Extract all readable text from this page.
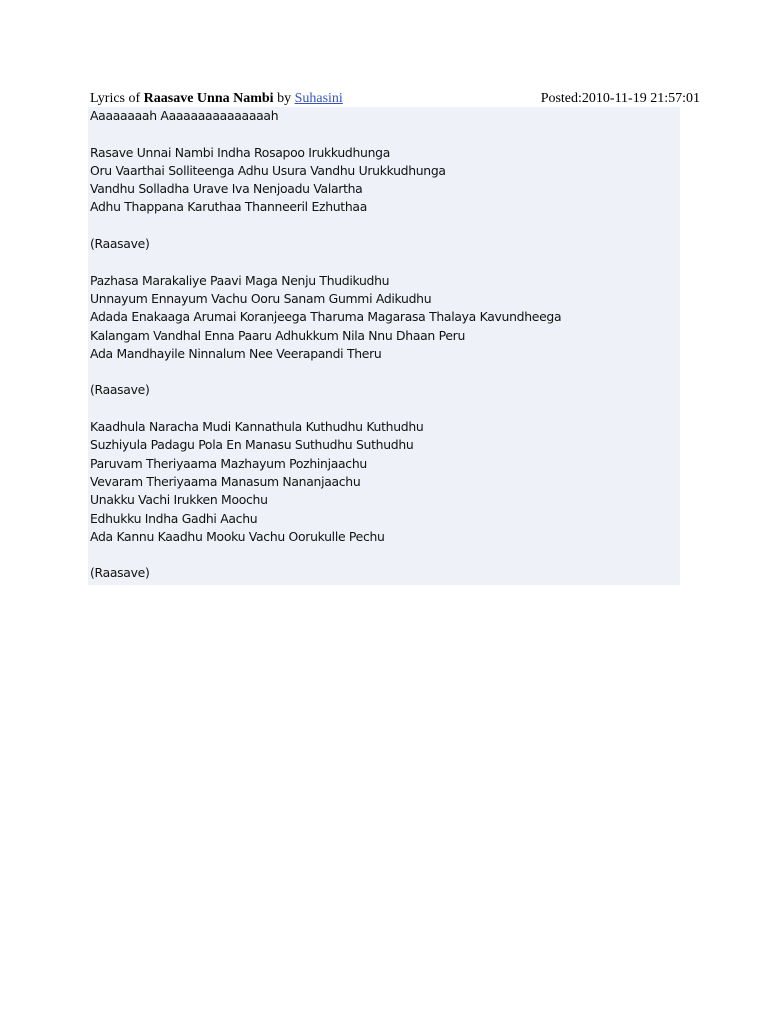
Lyrics of Raasave Unna Nambi by Suhasini	Posted:2010-11-19 21:57:01
Aaaaaaaah Aaaaaaaaaaaaaaah
Rasave Unnai Nambi Indha Rosapoo Irukkudhunga
Oru Vaarthai Solliteenga Adhu Usura Vandhu Urukkudhunga
Vandhu Solladha Urave Iva Nenjoadu Valartha
Adhu Thappana Karuthaa Thanneeril Ezhuthaa
(Raasave)
Pazhasa Marakaliye Paavi Maga Nenju Thudikudhu
Unnayum Ennayum Vachu Ooru Sanam Gummi Adikudhu
Adada Enakaaga Arumai Koranjeega Tharuma Magarasa Thalaya Kavundheega
Kalangam Vandhal Enna Paaru Adhukkum Nila Nnu Dhaan Peru
Ada Mandhayile Ninnalum Nee Veerapandi Theru
(Raasave)
Kaadhula Naracha Mudi Kannathula Kuthudhu Kuthudhu
Suzhiyula Padagu Pola En Manasu Suthudhu Suthudhu
Paruvam Theriyaama Mazhayum Pozhinjaachu
Vevaram Theriyaama Manasum Nananjaachu
Unakku Vachi Irukken Moochu
Edhukku Indha Gadhi Aachu
Ada Kannu Kaadhu Mooku Vachu Oorukulle Pechu
(Raasave)
